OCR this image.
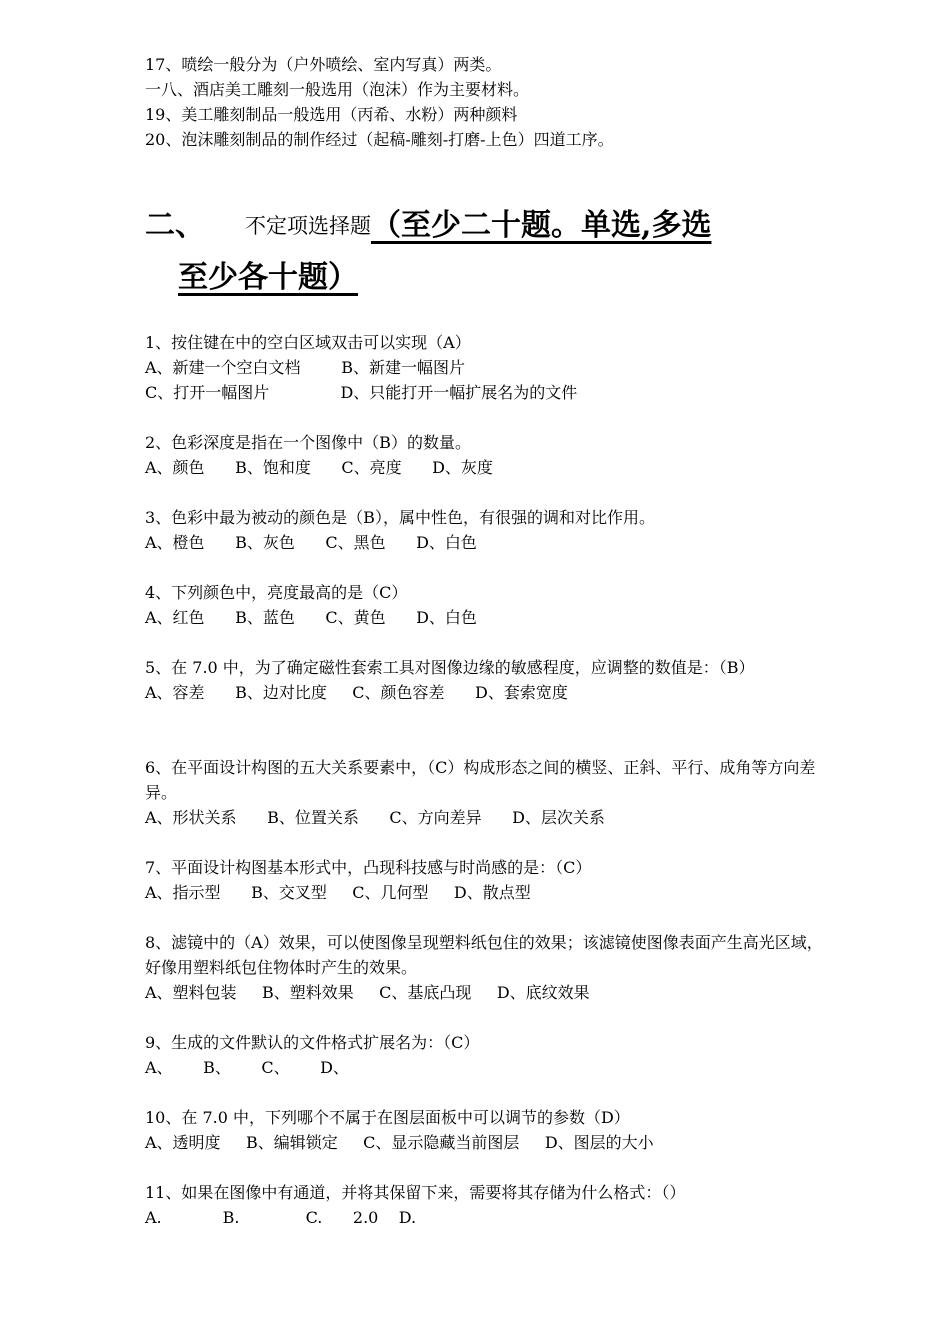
17、喷绘一般分为（户外喷绘、室内写真）两类。
一八、酒店美工雕刻一般选用（泡沫）作为主要材料。
19、美工雕刻制品一般选用（丙希、水粉）两种颜料
20、泡沫雕刻制品的制作经过（起稿-雕刻-打磨-上色）四道工序。
二、 不定项选择题（至少二十题。单选,多选
至少各十题）
1、按住键在中的空白区域双击可以实现（A）
A、新建一个空白文档        B、新建一幅图片
C、打开一幅图片              D、只能打开一幅扩展名为的文件
2、色彩深度是指在一个图像中（B）的数量。
A、颜色      B、饱和度      C、亮度      D、灰度
3、色彩中最为被动的颜色是（B），属中性色，有很强的调和对比作用。
A、橙色      B、灰色      C、黑色      D、白色
4、下列颜色中，亮度最高的是（C）
A、红色      B、蓝色      C、黄色      D、白色
5、在 7.0 中，为了确定磁性套索工具对图像边缘的敏感程度，应调整的数值是：（B）
A、容差      B、边对比度     C、颜色容差      D、套索宽度
6、在平面设计构图的五大关系要素中，（C）构成形态之间的横竖、正斜、平行、成角等方向差异。
A、形状关系      B、位置关系      C、方向差异      D、层次关系
7、平面设计构图基本形式中，凸现科技感与时尚感的是：（C）
A、指示型      B、交叉型     C、几何型     D、散点型
8、滤镜中的（A）效果，可以使图像呈现塑料纸包住的效果；该滤镜使图像表面产生高光区域，好像用塑料纸包住物体时产生的效果。
A、塑料包装     B、塑料效果     C、基底凸现     D、底纹效果
9、生成的文件默认的文件格式扩展名为：（C）
A、      B、      C、      D、
10、在 7.0 中，下列哪个不属于在图层面板中可以调节的参数（D）
A、透明度     B、编辑锁定     C、显示隐藏当前图层     D、图层的大小
11、如果在图像中有通道，并将其保留下来，需要将其存储为什么格式：（）
A.            B.             C.      2.0    D.
